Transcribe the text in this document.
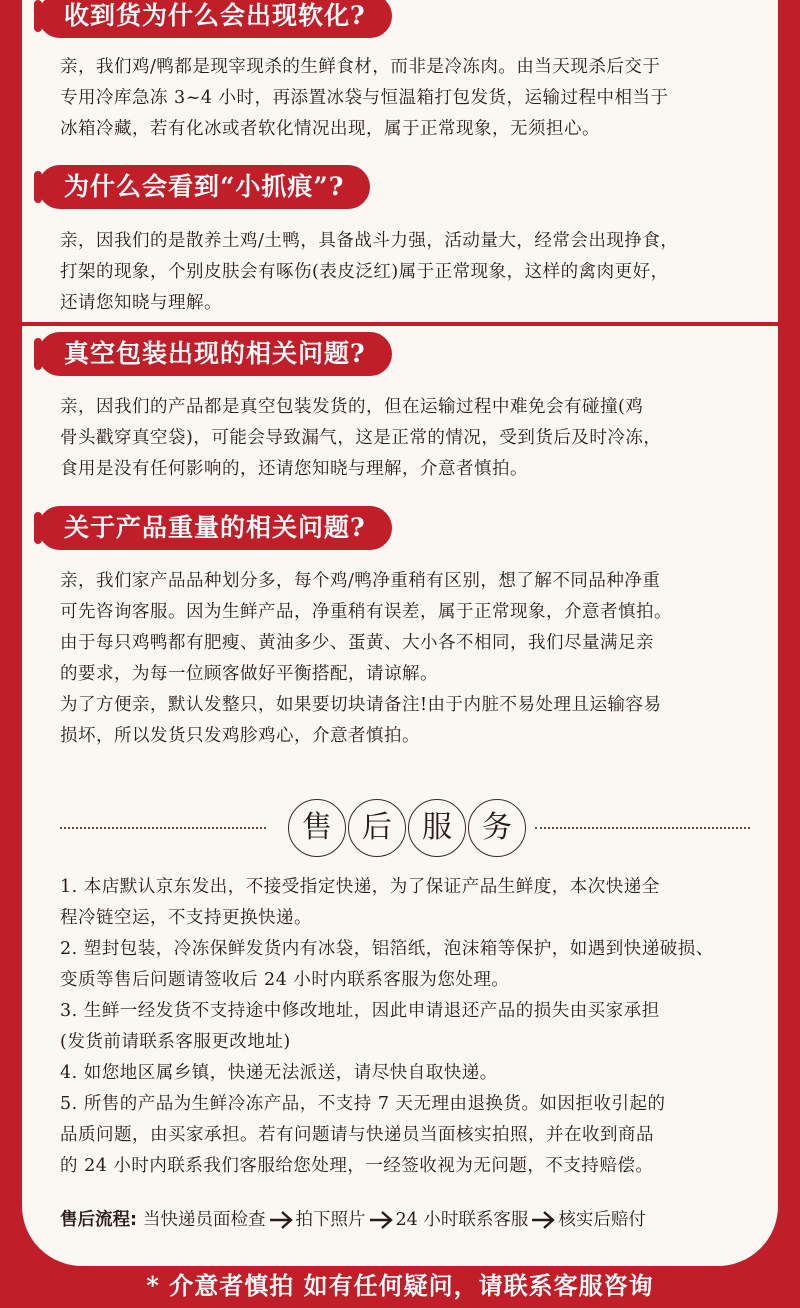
收到货为什么会出现软化?

亲，我们鸡/鸭都是现宰现杀的生鲜食材，而非是冷冻肉。由当天现杀后交于

专用冷库急冻 3~4 小时，再添置冰袋与恒温箱打包发货，运输过程中相当于

冰箱冷藏，若有化冰或者软化情况出现，属于正常现象，无须担心。

为什么会看到“小抓痕”?

亲，因我们的是散养土鸡/土鸭，具备战斗力强，活动量大，经常会出现挣食，

打架的现象，个别皮肤会有啄伤(表皮泛红)属于正常现象，这样的禽肉更好，

还请您知晓与理解。

真空包装出现的相关问题?

亲，因我们的产品都是真空包装发货的，但在运输过程中难免会有碰撞(鸡

骨头戳穿真空袋)，可能会导致漏气，这是正常的情况，受到货后及时冷冻，

食用是没有任何影响的，还请您知晓与理解，介意者慎拍。

关于产品重量的相关问题?

亲，我们家产品品种划分多，每个鸡/鸭净重稍有区别，想了解不同品种净重

可先咨询客服。因为生鲜产品，净重稍有误差，属于正常现象，介意者慎拍。

由于每只鸡鸭都有肥瘦、黄油多少、蛋黄、大小各不相同，我们尽量满足亲

的要求，为每一位顾客做好平衡搭配，请谅解。

为了方便亲，默认发整只，如果要切块请备注!由于内脏不易处理且运输容易

损坏，所以发货只发鸡胗鸡心，介意者慎拍。

售	后	服	务

1. 本店默认京东发出，不接受指定快递，为了保证产品生鲜度，本次快递全

程冷链空运，不支持更换快递。

2. 塑封包装，冷冻保鲜发货内有冰袋，铝箔纸，泡沫箱等保护，如遇到快递破损、

变质等售后问题请签收后 24 小时内联系客服为您处理。

3. 生鲜一经发货不支持途中修改地址，因此申请退还产品的损失由买家承担

(发货前请联系客服更改地址)

4. 如您地区属乡镇，快递无法派送，请尽快自取快递。

5. 所售的产品为生鲜冷冻产品，不支持 7 天无理由退换货。如因拒收引起的

品质问题，由买家承担。若有问题请与快递员当面核实拍照，并在收到商品

的 24 小时内联系我们客服给您处理，一经签收视为无问题，不支持赔偿。

售后流程: 当快递员面检查 拍下照片 24 小时联系客服 核实后赔付
* 介意者慎拍 如有任何疑问，请联系客服咨询
